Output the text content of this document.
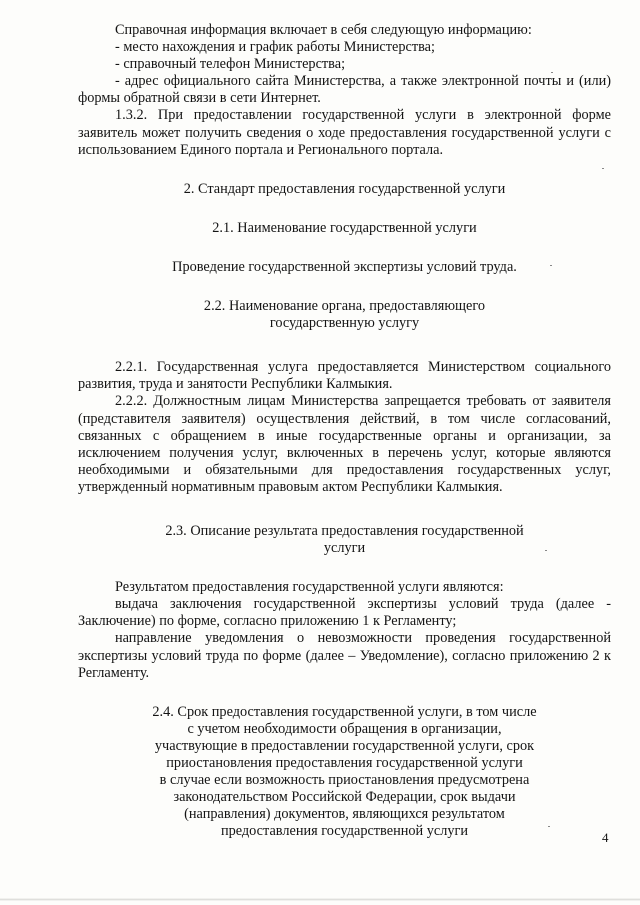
Справочная информация включает в себя следующую информацию:

- место нахождения и график работы Министерства;

- справочный телефон Министерства;

- адрес официального сайта Министерства, а также электронной почты и (или) формы обратной связи в сети Интернет.

1.3.2. При предоставлении государственной услуги в электронной форме заявитель может получить сведения о ходе предоставления государственной услуги с использованием Единого портала и Регионального портала.

2. Стандарт предоставления государственной услуги

2.1. Наименование государственной услуги

Проведение государственной экспертизы условий труда.

2.2. Наименование органа, предоставляющего

государственную услугу

2.2.1. Государственная услуга предоставляется Министерством социального развития, труда и занятости Республики Калмыкия.

2.2.2. Должностным лицам Министерства запрещается требовать от заявителя (представителя заявителя) осуществления действий, в том числе согласований, связанных с обращением в иные государственные органы и организации, за исключением получения услуг, включенных в перечень услуг, которые являются необходимыми и обязательными для предоставления государственных услуг, утвержденный нормативным правовым актом Республики Калмыкия.

2.3. Описание результата предоставления государственной

услуги

Результатом предоставления государственной услуги являются:

выдача заключения государственной экспертизы условий труда (далее - Заключение) по форме, согласно приложению 1 к Регламенту;

направление уведомления о невозможности проведения государственной экспертизы условий труда по форме (далее – Уведомление), согласно приложению 2 к Регламенту.

2.4. Срок предоставления государственной услуги, в том числе

с учетом необходимости обращения в организации,

участвующие в предоставлении государственной услуги, срок

приостановления предоставления государственной услуги

в случае если возможность приостановления предусмотрена

законодательством Российской Федерации, срок выдачи

(направления) документов, являющихся результатом

предоставления государственной услуги	4
